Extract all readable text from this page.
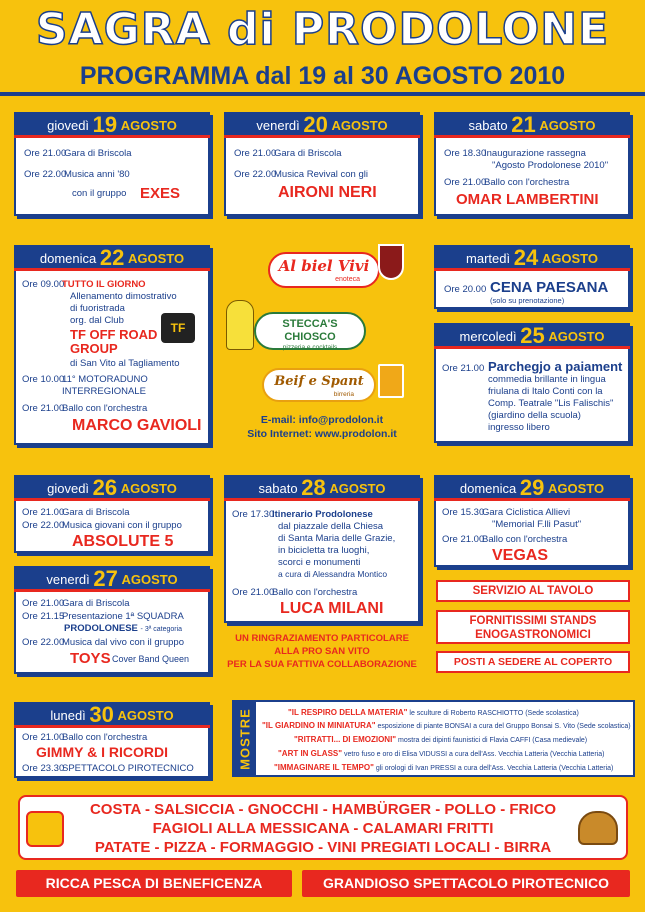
SAGRA di PRODOLONE
PROGRAMMA dal 19 al 30 AGOSTO 2010
giovedì 19 AGOSTO
Ore 21.00Gara di Briscola
Ore 22.00Musica anni '80
con il gruppo EXES
venerdì 20 AGOSTO
Ore 21.00Gara di Briscola
Ore 22.00Musica Revival con gli
AIRONI NERI
sabato 21 AGOSTO
Ore 18.30Inaugurazione rassegna
"Agosto Prodolonese 2010"
Ore 21.00Ballo con l'orchestra
OMAR LAMBERTINI
domenica 22 AGOSTO
Ore 09.00TUTTO IL GIORNO
Allenamento dimostrativo
di fuoristrada
org. dal Club
TF OFF ROAD
GROUP
TF
di San Vito al Tagliamento
Ore 10.0011° MOTORADUNO
INTERREGIONALE
Ore 21.00Ballo con l'orchestra
MARCO GAVIOLI
Al biel Vivi
enoteca
STECCA'S CHIOSCO
pizzeria e cocktails
Beif e Spant
birreria
E-mail: info@prodolon.it
Sito Internet: www.prodolon.it
martedì 24 AGOSTO
Ore 20.00 CENA PAESANA
(solo su prenotazione)
mercoledì 25 AGOSTO
Ore 21.00 Parchegjo a paiament
commedia brillante in lingua
friulana di Italo Conti con la
Comp. Teatrale "Lis Falischis"
(giardino della scuola)
ingresso libero
giovedì 26 AGOSTO
Ore 21.00Gara di Briscola
Ore 22.00Musica giovani con il gruppo
ABSOLUTE 5
venerdì 27 AGOSTO
Ore 21.00Gara di Briscola
Ore 21.15Presentazione 1ª SQUADRA
PRODOLONESE - 3ª categoria
Ore 22.00Musica dal vivo con il gruppo
TOYS Cover Band Queen
sabato 28 AGOSTO
Ore 17.30Itinerario Prodolonese
dal piazzale della Chiesa
di Santa Maria delle Grazie,
in bicicletta tra luoghi,
scorci e monumenti
a cura di Alessandra Montico
Ore 21.00Ballo con l'orchestra
LUCA MILANI
UN RINGRAZIAMENTO PARTICOLARE
ALLA PRO SAN VITO
PER LA SUA FATTIVA COLLABORAZIONE
domenica 29 AGOSTO
Ore 15.30Gara Ciclistica Allievi
"Memorial F.lli Pasut"
Ore 21.00Ballo con l'orchestra
VEGAS
SERVIZIO AL TAVOLO
FORNITISSIMI STANDS
ENOGASTRONOMICI
POSTI A SEDERE AL COPERTO
lunedì 30 AGOSTO
Ore 21.00Ballo con l'orchestra
GIMMY & I RICORDI
Ore 23.30SPETTACOLO PIROTECNICO	MOSTRE	"IL RESPIRO DELLA MATERIA" le sculture di Roberto RASCHIOTTO (Sede scolastica)
"IL GIARDINO IN MINIATURA" esposizione di piante BONSAI a cura del Gruppo Bonsai S. Vito (Sede scolastica)
"RITRATTI... DI EMOZIONI" mostra dei dipinti faunistici di Flavia CAFFI (Casa medievale)
"ART IN GLASS" vetro fuso e oro di Elisa VIDUSSI a cura dell'Ass. Vecchia Latteria (Vecchia Latteria)
"IMMAGINARE IL TEMPO" gli orologi di Ivan PRESSI a cura dell'Ass. Vecchia Latteria (Vecchia Latteria)
COSTA - SALSICCIA - GNOCCHI - HAMBÜRGER - POLLO - FRICO
FAGIOLI ALLA MESSICANA - CALAMARI FRITTI
PATATE - PIZZA - FORMAGGIO - VINI PREGIATI LOCALI - BIRRA
RICCA PESCA DI BENEFICENZA	GRANDIOSO SPETTACOLO PIROTECNICO
